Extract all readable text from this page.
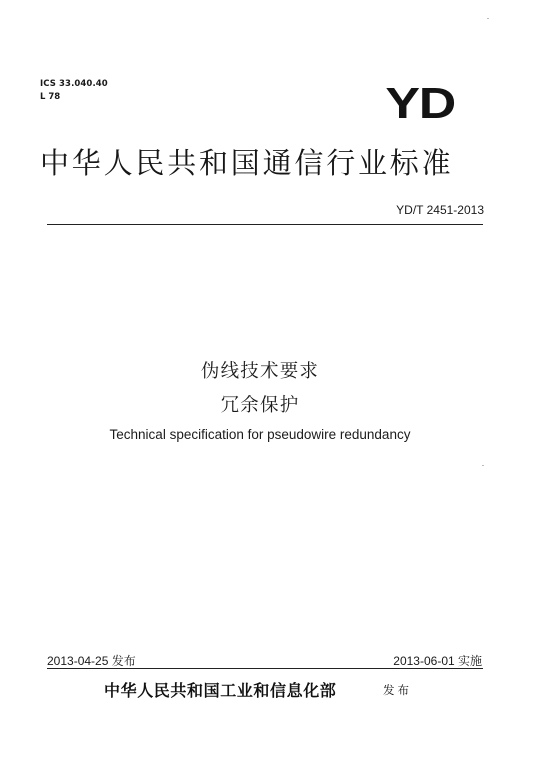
ICS 33.040.40
L 78	YD
中华人民共和国通信行业标准
YD/T 2451-2013
伪线技术要求
冗余保护
Technical specification for pseudowire redundancy
2013-04-25 发布	2013-06-01 实施
中华人民共和国工业和信息化部	发布
